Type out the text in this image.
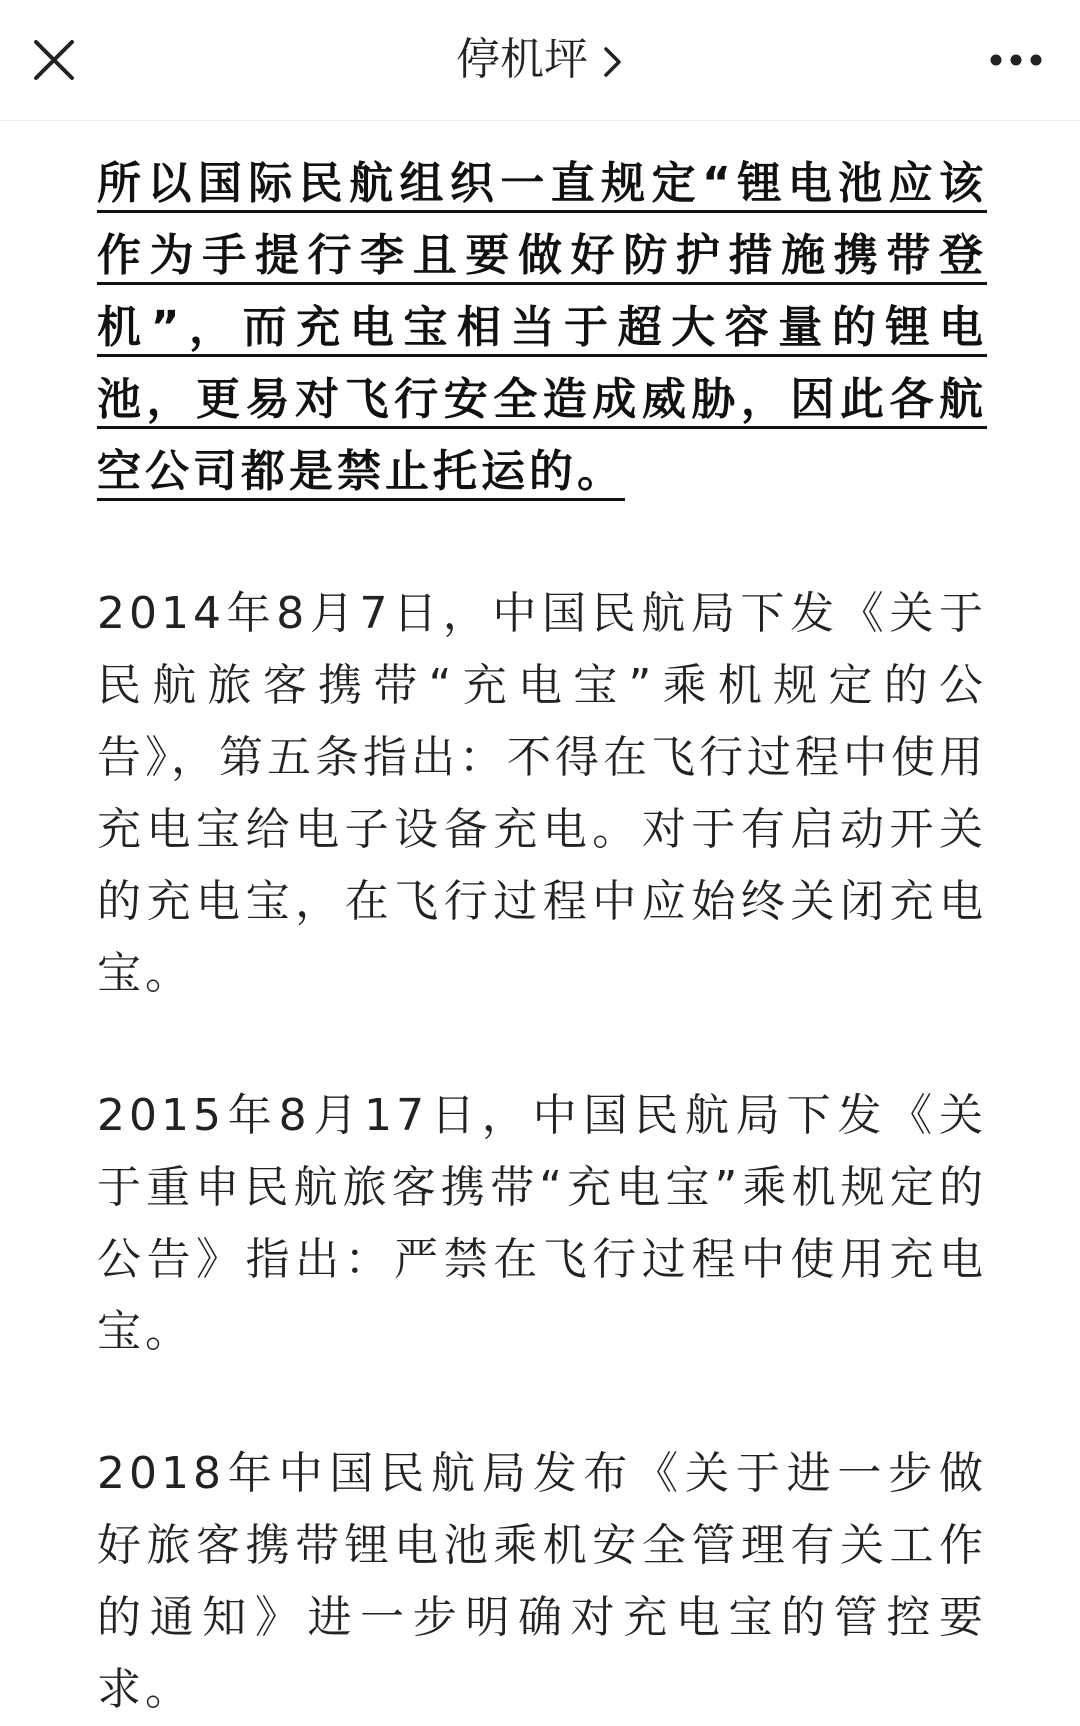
停机坪

所以国际民航组织一直规定“锂电池应该作为手提行李且要做好防护措施携带登机”，而充电宝相当于超大容量的锂电池，更易对飞行安全造成威胁，因此各航空公司都是禁止托运的。

2014年8月7日，中国民航局下发《关于民航旅客携带“充电宝”乘机规定的公告》，第五条指出：不得在飞行过程中使用充电宝给电子设备充电。对于有启动开关的充电宝，在飞行过程中应始终关闭充电宝。

2015年8月17日，中国民航局下发《关于重申民航旅客携带“充电宝”乘机规定的公告》指出：严禁在飞行过程中使用充电宝。

2018年中国民航局发布《关于进一步做好旅客携带锂电池乘机安全管理有关工作的通知》进一步明确对充电宝的管控要求。
